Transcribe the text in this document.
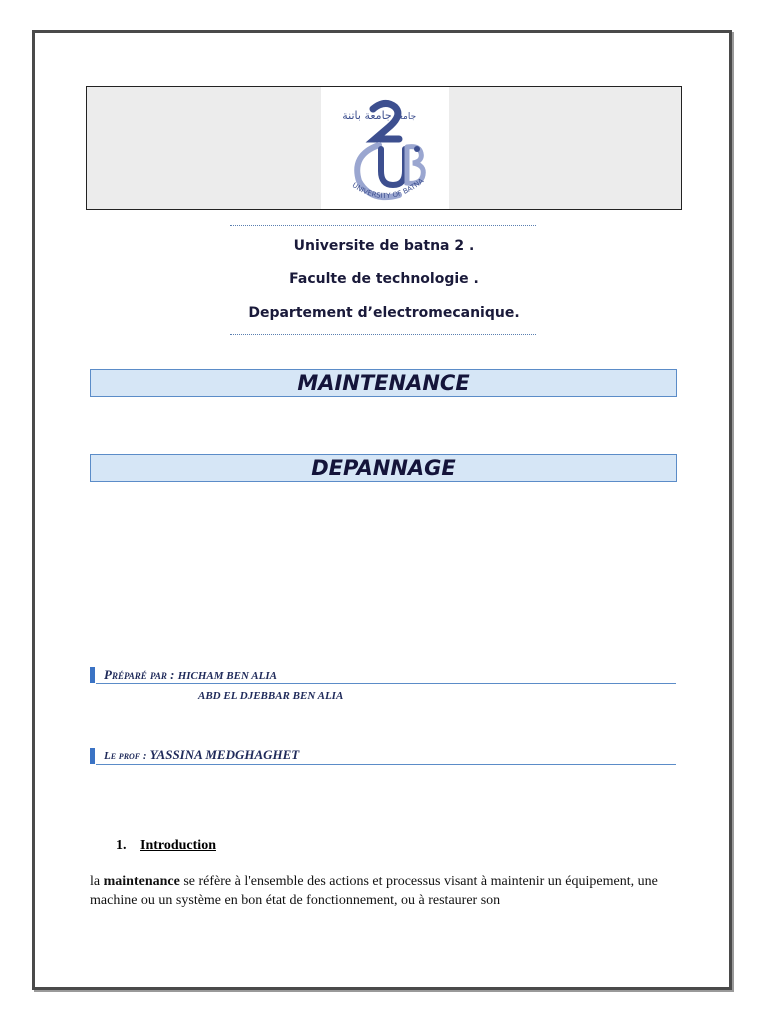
جامعة باتنة جامعة
UNIVERSITY OF BATNA
Universite de batna 2 .
Faculte de technologie .
Departement d’electromecanique.
MAINTENANCE
DEPANNAGE
Préparé par : HICHAM BEN ALIA
ABD EL DJEBBAR BEN ALIA
Le prof : YASSINA MEDGHAGHET
1. Introduction
la maintenance se réfère à l'ensemble des actions et processus visant à maintenir un équipement, une machine ou un système en bon état de fonctionnement, ou à restaurer son
